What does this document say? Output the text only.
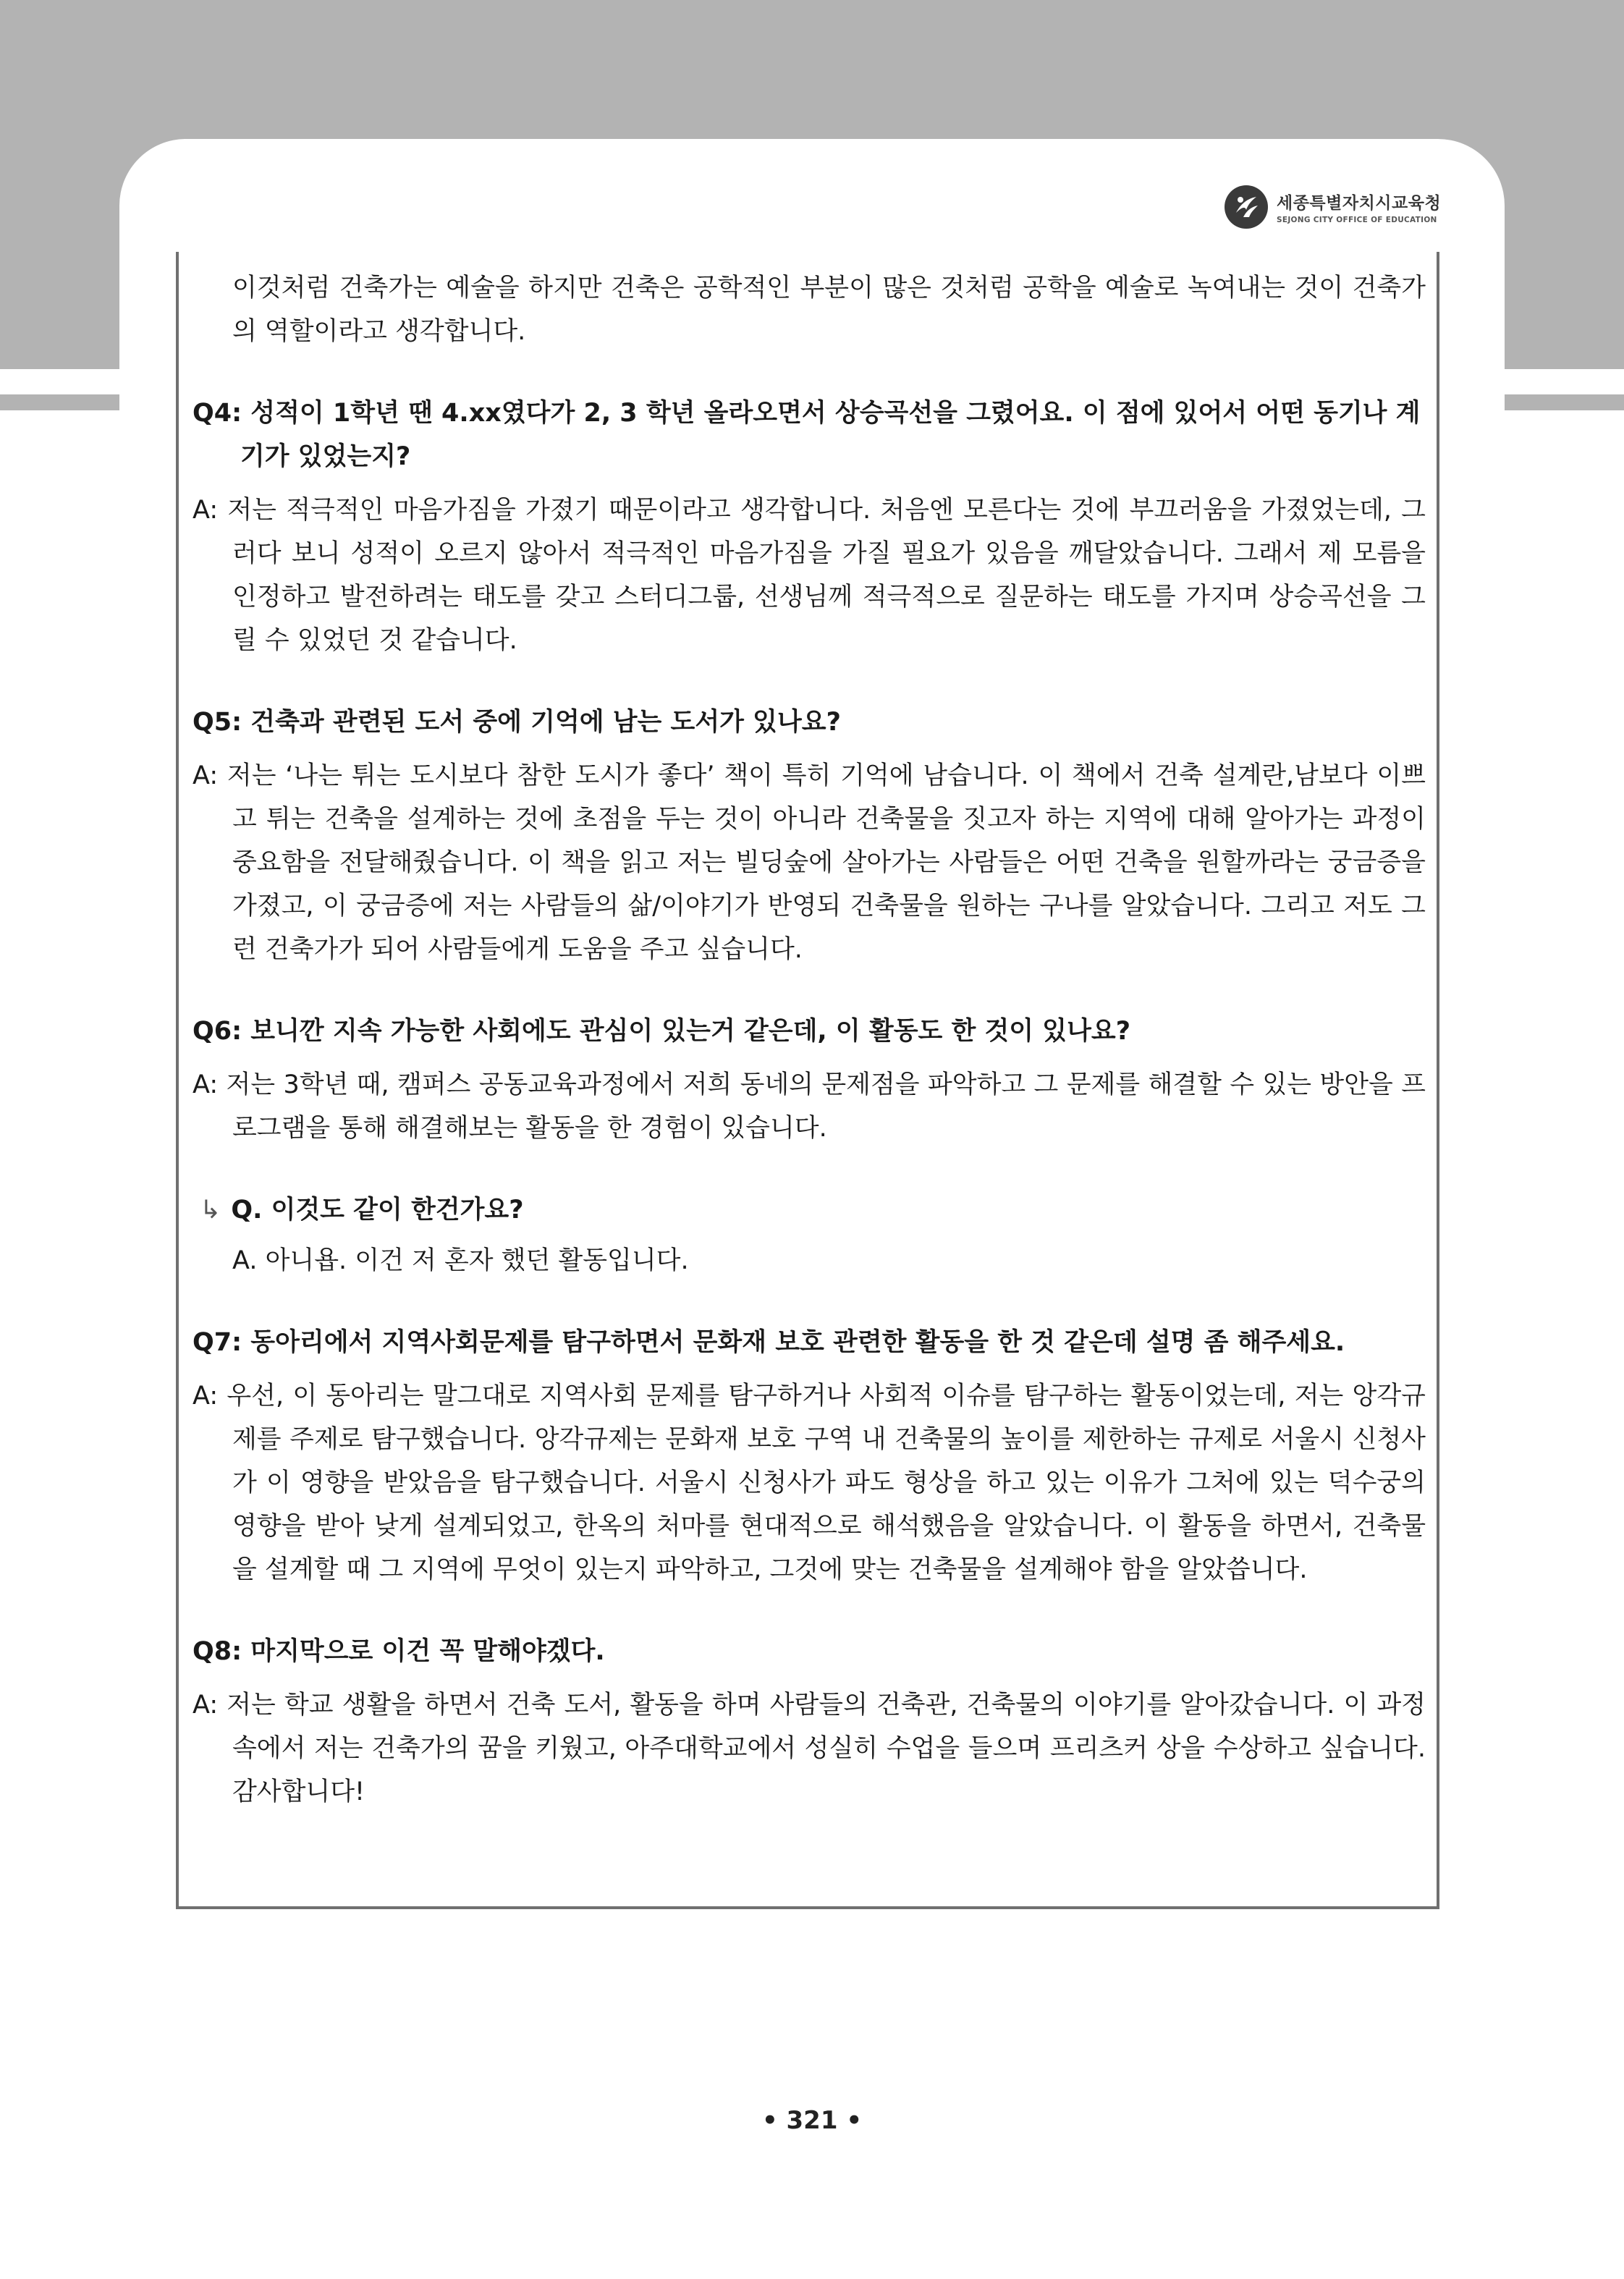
세종특별자치시교육청
SEJONG CITY OFFICE OF EDUCATION

이것처럼 건축가는 예술을 하지만 건축은 공학적인 부분이 많은 것처럼 공학을 예술로 녹여내는 것이 건축가의 역할이라고 생각합니다.

Q4: 성적이 1학년 땐 4.xx였다가 2, 3 학년 올라오면서 상승곡선을 그렸어요. 이 점에 있어서 어떤 동기나 계기가 있었는지?

A: 저는 적극적인 마음가짐을 가졌기 때문이라고 생각합니다. 처음엔 모른다는 것에 부끄러움을 가졌었는데, 그러다 보니 성적이 오르지 않아서 적극적인 마음가짐을 가질 필요가 있음을 깨달았습니다. 그래서 제 모름을 인정하고 발전하려는 태도를 갖고 스터디그룹, 선생님께 적극적으로 질문하는 태도를 가지며 상승곡선을 그릴 수 있었던 것 같습니다.

Q5: 건축과 관련된 도서 중에 기억에 남는 도서가 있나요?

A: 저는 ‘나는 튀는 도시보다 참한 도시가 좋다’ 책이 특히 기억에 남습니다. 이 책에서 건축 설계란,남보다 이쁘고 튀는 건축을 설계하는 것에 초점을 두는 것이 아니라 건축물을 짓고자 하는 지역에 대해 알아가는 과정이 중요함을 전달해줬습니다. 이 책을 읽고 저는 빌딩숲에 살아가는 사람들은 어떤 건축을 원할까라는 궁금증을 가졌고, 이 궁금증에 저는 사람들의 삶/이야기가 반영되 건축물을 원하는 구나를 알았습니다. 그리고 저도 그런 건축가가 되어 사람들에게 도움을 주고 싶습니다.

Q6: 보니깐 지속 가능한 사회에도 관심이 있는거 같은데, 이 활동도 한 것이 있나요?

A: 저는 3학년 때, 캠퍼스 공동교육과정에서 저희 동네의 문제점을 파악하고 그 문제를 해결할 수 있는 방안을 프로그램을 통해 해결해보는 활동을 한 경험이 있습니다.

↳ Q. 이것도 같이 한건가요?

A. 아니욥. 이건 저 혼자 했던 활동입니다.

Q7: 동아리에서 지역사회문제를 탐구하면서 문화재 보호 관련한 활동을 한 것 같은데 설명 좀 해주세요.

A: 우선, 이 동아리는 말그대로 지역사회 문제를 탐구하거나 사회적 이슈를 탐구하는 활동이었는데, 저는 앙각규제를 주제로 탐구했습니다. 앙각규제는 문화재 보호 구역 내 건축물의 높이를 제한하는 규제로 서울시 신청사가 이 영향을 받았음을 탐구했습니다. 서울시 신청사가 파도 형상을 하고 있는 이유가 그처에 있는 덕수궁의 영향을 받아 낮게 설계되었고, 한옥의 처마를 현대적으로 해석했음을 알았습니다. 이 활동을 하면서, 건축물을 설계할 때 그 지역에 무엇이 있는지 파악하고, 그것에 맞는 건축물을 설계해야 함을 알았씁니다.

Q8: 마지막으로 이건 꼭 말해야겠다.

A: 저는 학교 생활을 하면서 건축 도서, 활동을 하며 사람들의 건축관, 건축물의 이야기를 알아갔습니다. 이 과정 속에서 저는 건축가의 꿈을 키웠고, 아주대학교에서 성실히 수업을 들으며 프리츠커 상을 수상하고 싶습니다. 감사합니다!

• 321 •
